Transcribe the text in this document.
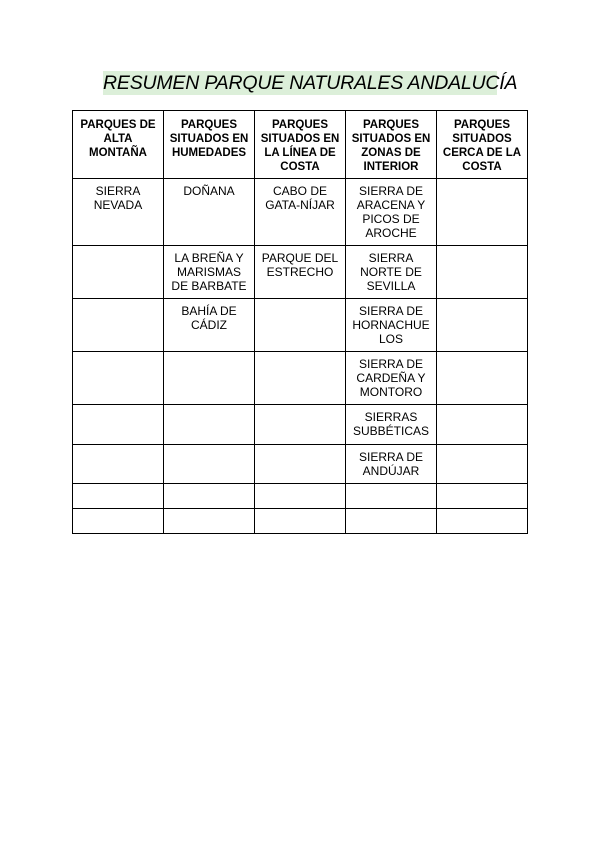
RESUMEN PARQUE NATURALES ANDALUCÍA
PARQUES DE ALTA MONTAÑA	PARQUES SITUADOS EN HUMEDADES	PARQUES SITUADOS EN LA LÍNEA DE COSTA	PARQUES SITUADOS EN ZONAS DE INTERIOR	PARQUES SITUADOS CERCA DE LA COSTA
SIERRA NEVADA	DOÑANA	CABO DE GATA-NÍJAR	SIERRA DE ARACENA Y PICOS DE AROCHE	
	LA BREÑA Y MARISMAS DE BARBATE	PARQUE DEL ESTRECHO	SIERRA NORTE DE SEVILLA	
	BAHÍA DE CÁDIZ		SIERRA DE HORNACHUE LOS	
			SIERRA DE CARDEÑA Y MONTORO	
			SIERRAS SUBBÉTICAS	
			SIERRA DE ANDÚJAR	
